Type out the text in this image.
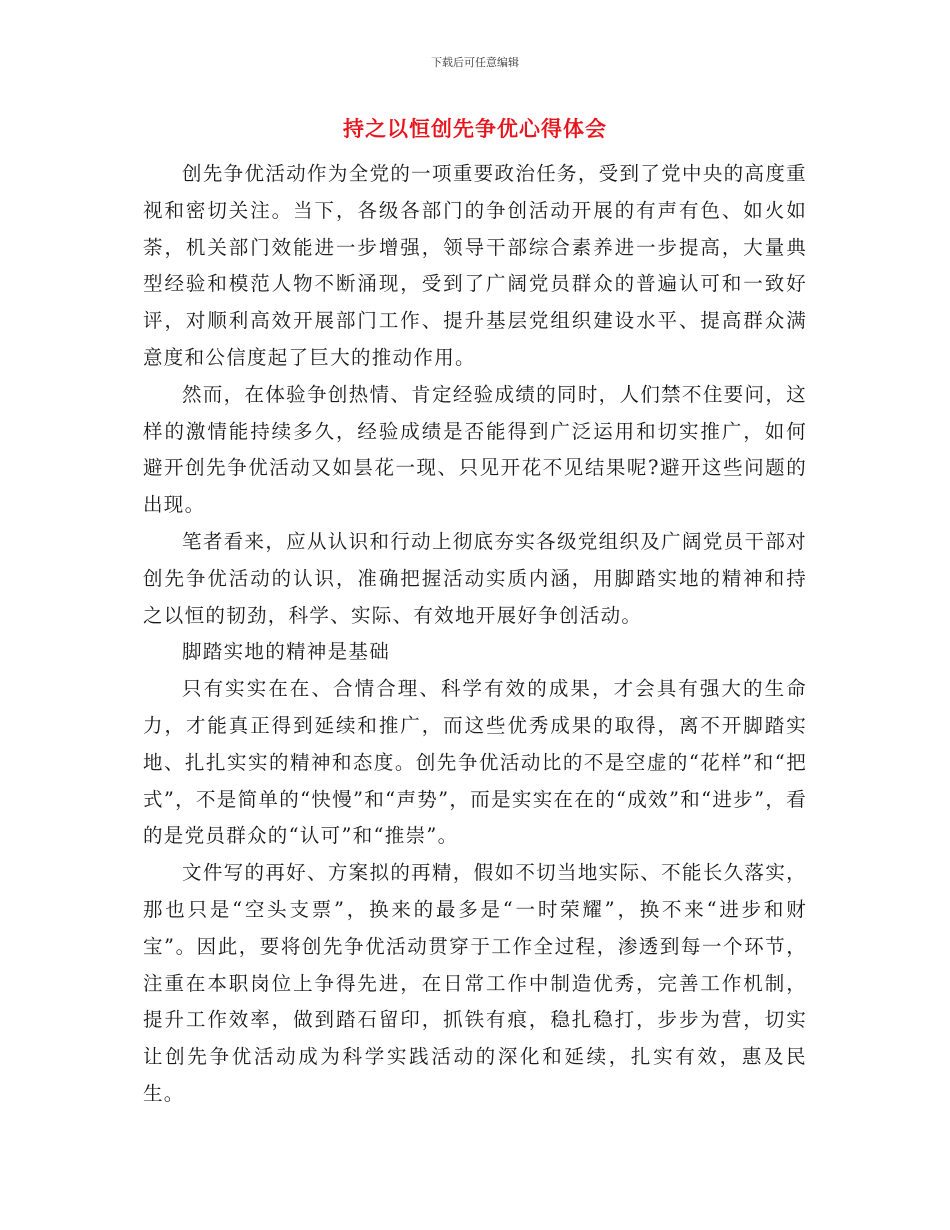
下载后可任意编辑
持之以恒创先争优心得体会

创先争优活动作为全党的一项重要政治任务，受到了党中央的高度重视和密切关注。当下，各级各部门的争创活动开展的有声有色、如火如荼，机关部门效能进一步增强，领导干部综合素养进一步提高，大量典型经验和模范人物不断涌现，受到了广阔党员群众的普遍认可和一致好评，对顺利高效开展部门工作、提升基层党组织建设水平、提高群众满意度和公信度起了巨大的推动作用。

然而，在体验争创热情、肯定经验成绩的同时，人们禁不住要问，这样的激情能持续多久，经验成绩是否能得到广泛运用和切实推广，如何避开创先争优活动又如昙花一现、只见开花不见结果呢?避开这些问题的出现。

笔者看来，应从认识和行动上彻底夯实各级党组织及广阔党员干部对创先争优活动的认识，准确把握活动实质内涵，用脚踏实地的精神和持之以恒的韧劲，科学、实际、有效地开展好争创活动。

脚踏实地的精神是基础

只有实实在在、合情合理、科学有效的成果，才会具有强大的生命力，才能真正得到延续和推广，而这些优秀成果的取得，离不开脚踏实地、扎扎实实的精神和态度。创先争优活动比的不是空虚的“花样”和“把式”，不是简单的“快慢”和“声势”，而是实实在在的“成效”和“进步”，看的是党员群众的“认可”和“推崇”。

文件写的再好、方案拟的再精，假如不切当地实际、不能长久落实，那也只是“空头支票”，换来的最多是“一时荣耀”，换不来“进步和财宝”。因此，要将创先争优活动贯穿于工作全过程，渗透到每一个环节，注重在本职岗位上争得先进，在日常工作中制造优秀，完善工作机制，提升工作效率，做到踏石留印，抓铁有痕，稳扎稳打，步步为营，切实让创先争优活动成为科学实践活动的深化和延续，扎实有效，惠及民生。
